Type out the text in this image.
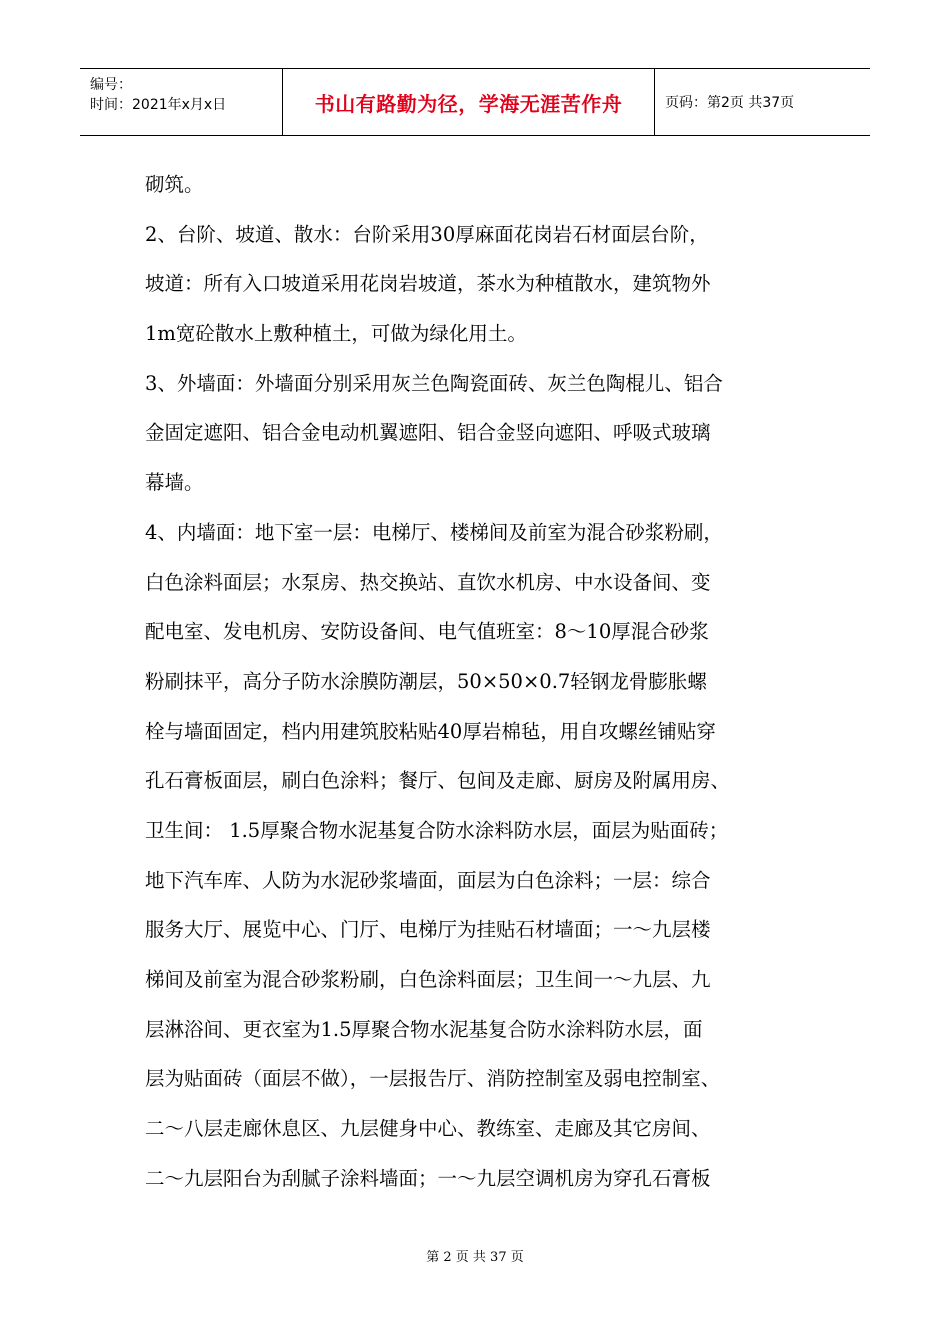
编号：
时间：2021年x月x日	书山有路勤为径，学海无涯苦作舟	页码：第2页 共37页
砌筑。
2、台阶、坡道、散水：台阶采用30厚麻面花岗岩石材面层台阶，
坡道：所有入口坡道采用花岗岩坡道，茶水为种植散水，建筑物外
1m宽砼散水上敷种植土，可做为绿化用土。
3、外墙面：外墙面分别采用灰兰色陶瓷面砖、灰兰色陶棍儿、铝合
金固定遮阳、铝合金电动机翼遮阳、铝合金竖向遮阳、呼吸式玻璃
幕墙。
4、内墙面：地下室一层：电梯厅、楼梯间及前室为混合砂浆粉刷，
白色涂料面层；水泵房、热交换站、直饮水机房、中水设备间、变
配电室、发电机房、安防设备间、电气值班室：8～10厚混合砂浆
粉刷抹平，高分子防水涂膜防潮层，50×50×0.7轻钢龙骨膨胀螺
栓与墙面固定，档内用建筑胶粘贴40厚岩棉毡，用自攻螺丝铺贴穿
孔石膏板面层，刷白色涂料；餐厅、包间及走廊、厨房及附属用房、
卫生间： 1.5厚聚合物水泥基复合防水涂料防水层，面层为贴面砖；
地下汽车库、人防为水泥砂浆墙面，面层为白色涂料；一层：综合
服务大厅、展览中心、门厅、电梯厅为挂贴石材墙面；一～九层楼
梯间及前室为混合砂浆粉刷，白色涂料面层；卫生间一～九层、九
层淋浴间、更衣室为1.5厚聚合物水泥基复合防水涂料防水层，面
层为贴面砖（面层不做），一层报告厅、消防控制室及弱电控制室、
二～八层走廊休息区、九层健身中心、教练室、走廊及其它房间、
二～九层阳台为刮腻子涂料墙面；一～九层空调机房为穿孔石膏板
第 2 页 共 37 页
